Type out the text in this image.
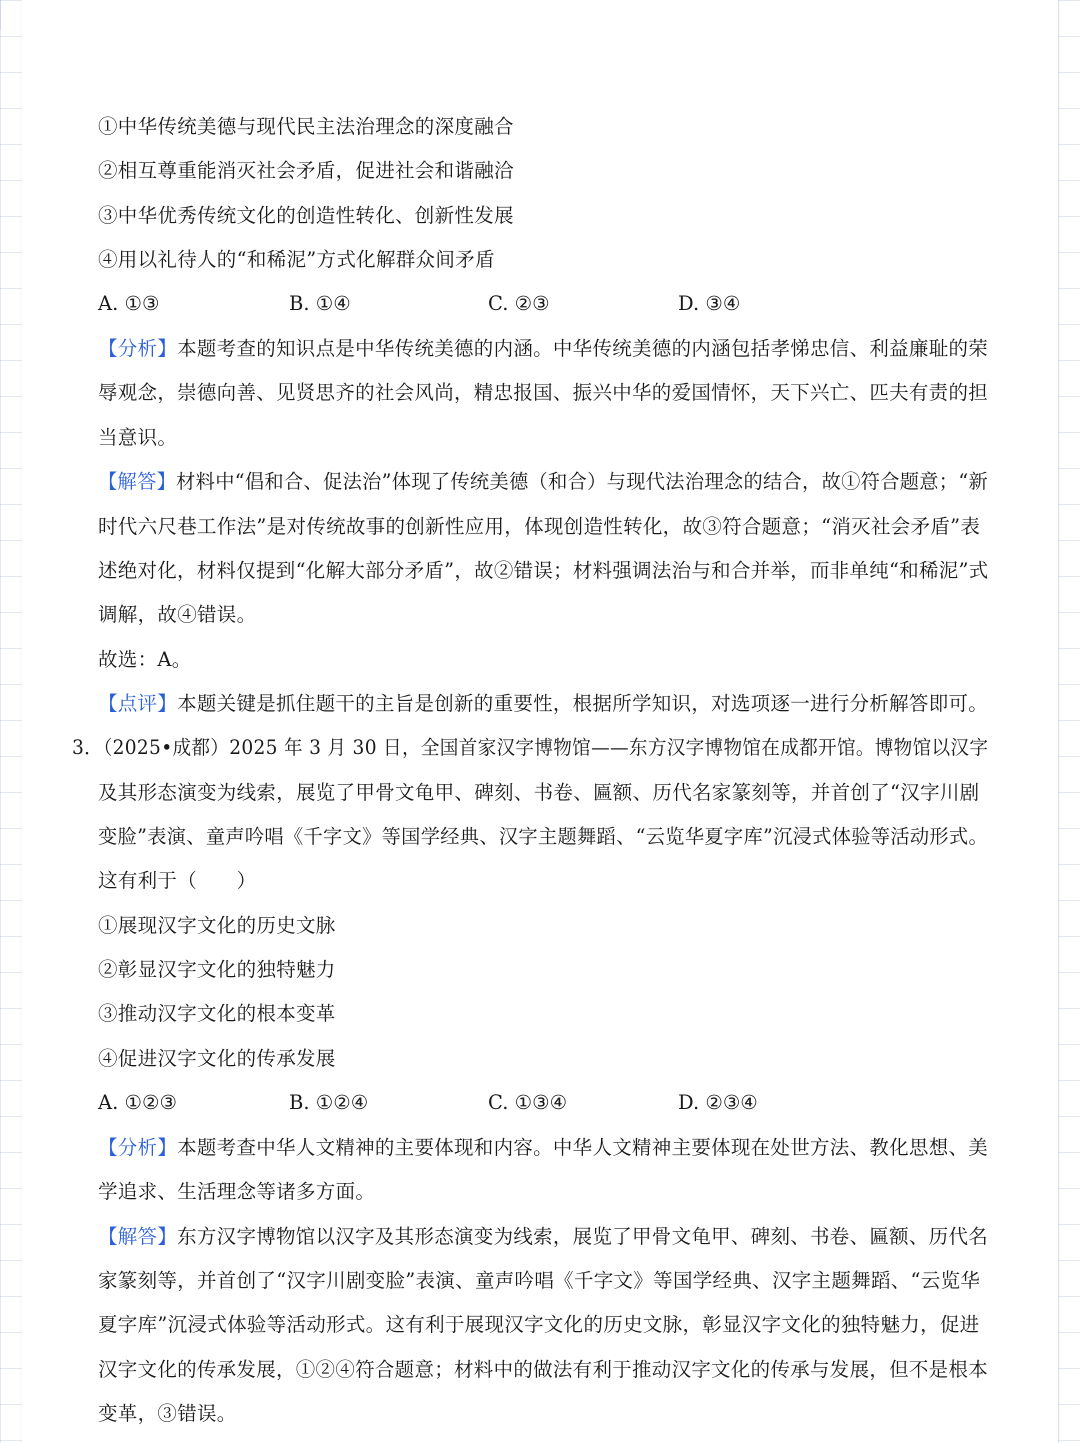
①中华传统美德与现代民主法治理念的深度融合
②相互尊重能消灭社会矛盾，促进社会和谐融洽
③中华优秀传统文化的创造性转化、创新性发展
④用以礼待人的“和稀泥”方式化解群众间矛盾
A. ①③	B. ①④	C. ②③	D. ③④
【分析】本题考查的知识点是中华传统美德的内涵。中华传统美德的内涵包括孝悌忠信、利益廉耻的荣
辱观念，崇德向善、见贤思齐的社会风尚，精忠报国、振兴中华的爱国情怀，天下兴亡、匹夫有责的担
当意识。
【解答】材料中“倡和合、促法治”体现了传统美德（和合）与现代法治理念的结合，故①符合题意；“新
时代六尺巷工作法”是对传统故事的创新性应用，体现创造性转化，故③符合题意；“消灭社会矛盾”表
述绝对化，材料仅提到“化解大部分矛盾”，故②错误；材料强调法治与和合并举，而非单纯“和稀泥”式
调解，故④错误。
故选：A。
【点评】本题关键是抓住题干的主旨是创新的重要性，根据所学知识，对选项逐一进行分析解答即可。
3．（2025•成都）2025 年 3 月 30 日，全国首家汉字博物馆——东方汉字博物馆在成都开馆。博物馆以汉字
及其形态演变为线索，展览了甲骨文龟甲、碑刻、书卷、匾额、历代名家篆刻等，并首创了“汉字川剧
变脸”表演、童声吟唱《千字文》等国学经典、汉字主题舞蹈、“云览华夏字库”沉浸式体验等活动形式。
这有利于（　　）
①展现汉字文化的历史文脉
②彰显汉字文化的独特魅力
③推动汉字文化的根本变革
④促进汉字文化的传承发展
A. ①②③	B. ①②④	C. ①③④	D. ②③④
【分析】本题考查中华人文精神的主要体现和内容。中华人文精神主要体现在处世方法、教化思想、美
学追求、生活理念等诸多方面。
【解答】东方汉字博物馆以汉字及其形态演变为线索，展览了甲骨文龟甲、碑刻、书卷、匾额、历代名
家篆刻等，并首创了“汉字川剧变脸”表演、童声吟唱《千字文》等国学经典、汉字主题舞蹈、“云览华
夏字库”沉浸式体验等活动形式。这有利于展现汉字文化的历史文脉，彰显汉字文化的独特魅力，促进
汉字文化的传承发展，①②④符合题意；材料中的做法有利于推动汉字文化的传承与发展，但不是根本
变革，③错误。
